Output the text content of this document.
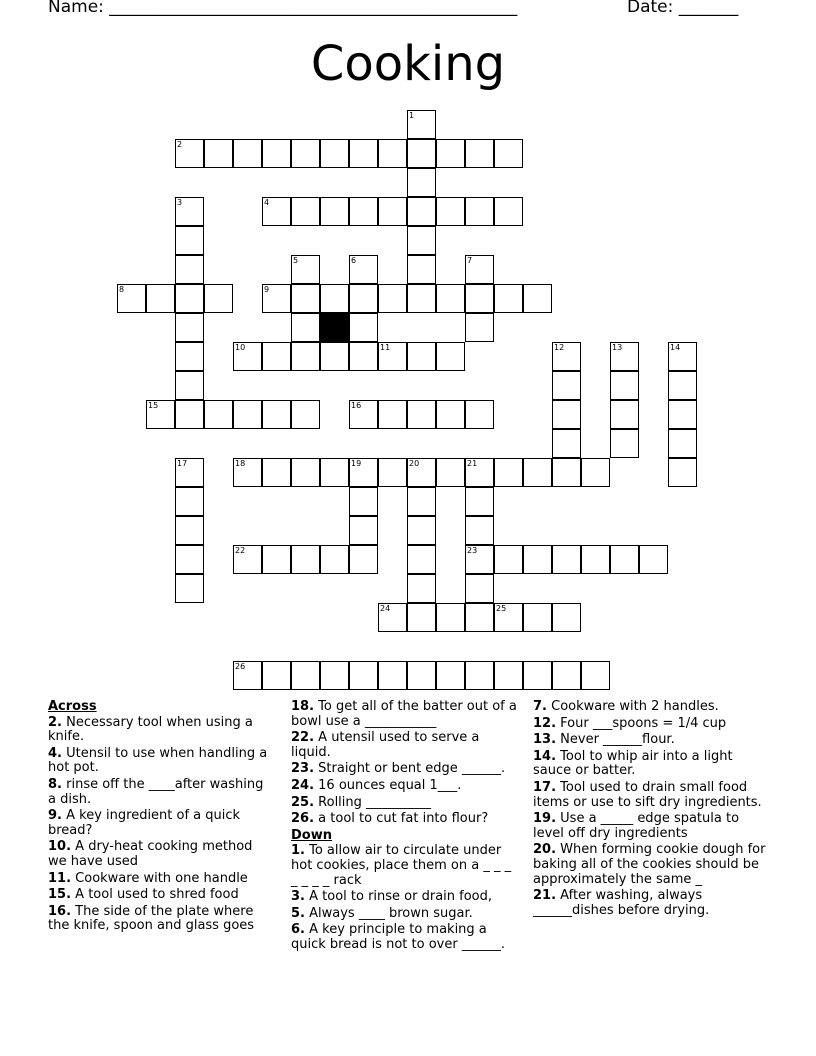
Name: ________________________________________________	Date: _______
Cooking
1
2
3	4
5	6	7
8	9
10	11	12	13	14
15	16
17	18	19	20	21
23
22
24	25
26
Across
2. Necessary tool when using a knife.
4. Utensil to use when handling a hot pot.
8. rinse off the ____after washing a dish.
9. A key ingredient of a quick bread?
10. A dry-heat cooking method we have used
11. Cookware with one handle
15. A tool used to shred food
16. The side of the plate where the knife, spoon and glass goes
18. To get all of the batter out of a bowl use a ___________
22. A utensil used to serve a liquid.
23. Straight or bent edge ______.
24. 16 ounces equal 1___.
25. Rolling __________
26. a tool to cut fat into flour?
Down
1. To allow air to circulate under hot cookies, place them on a _ _ _ _ _ _ _ rack
3. A tool to rinse or drain food,
5. Always ____ brown sugar.
6. A key principle to making a quick bread is not to over ______.
7. Cookware with 2 handles.
12. Four ___spoons = 1/4 cup
13. Never ______flour.
14. Tool to whip air into a light sauce or batter.
17. Tool used to drain small food items or use to sift dry ingredients.
19. Use a _____ edge spatula to level off dry ingredients
20. When forming cookie dough for baking all of the cookies should be approximately the same _
21. After washing, always ______dishes before drying.
